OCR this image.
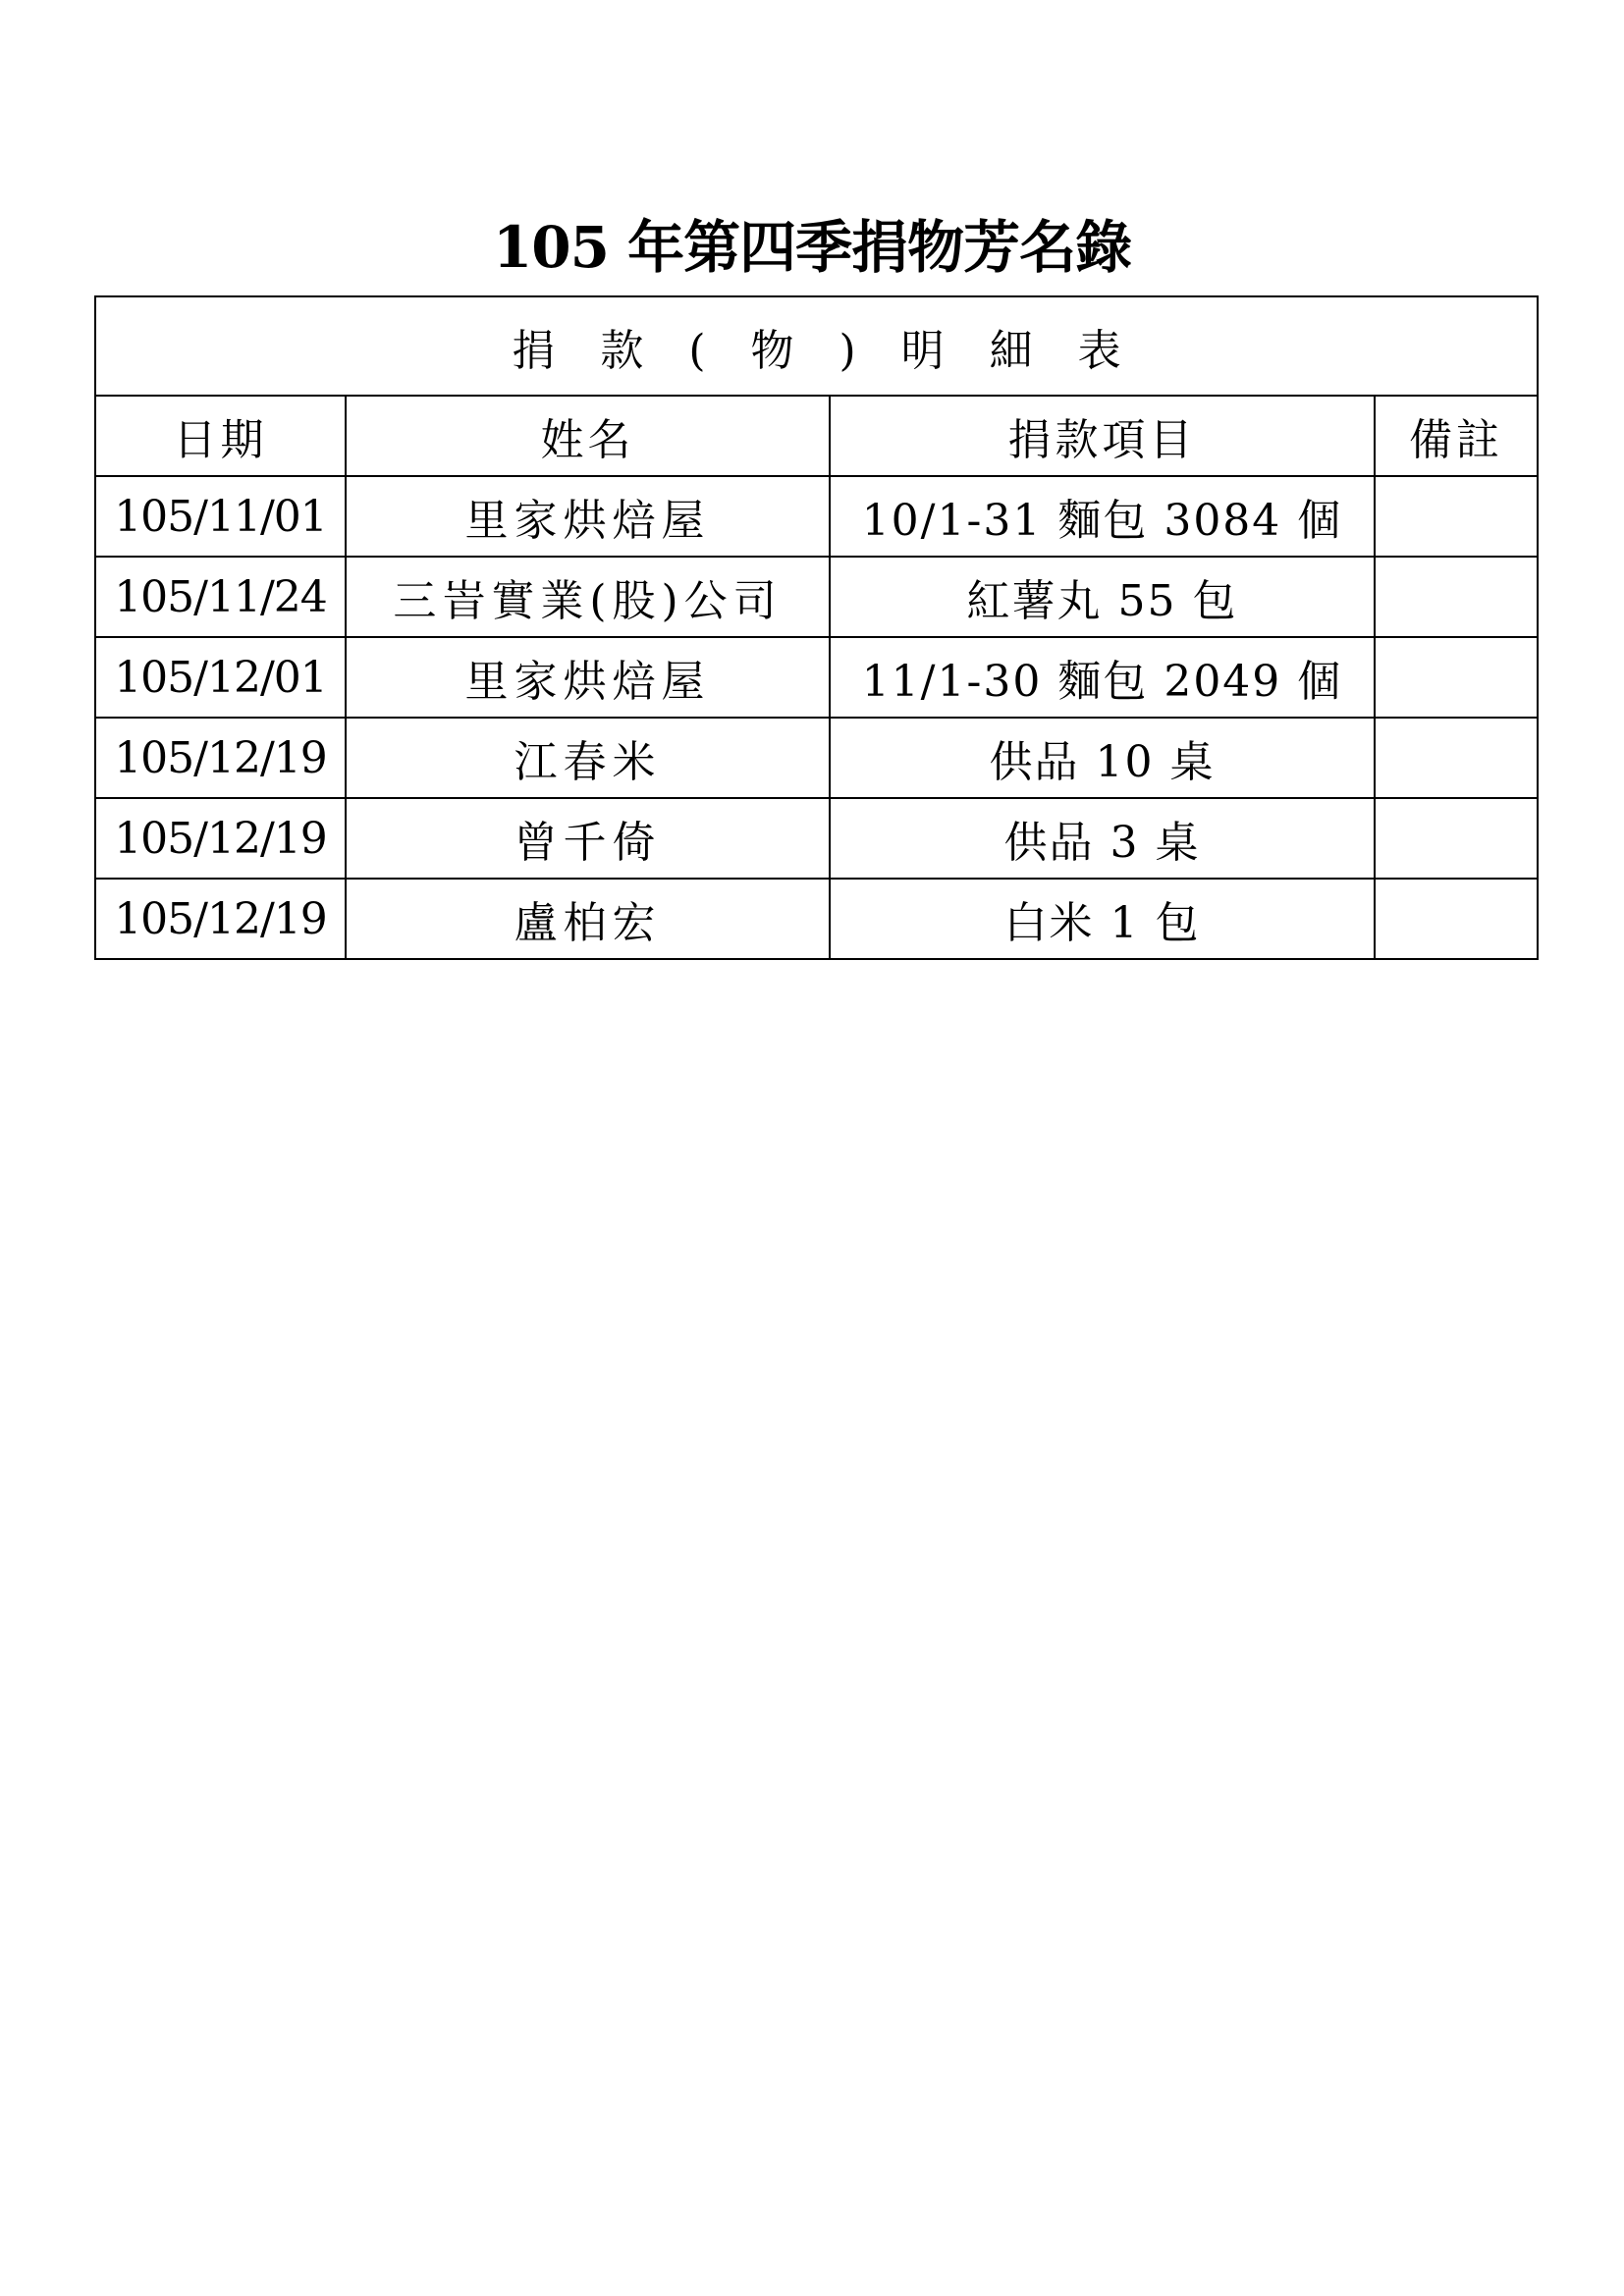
105 年第四季捐物芳名錄
捐款(物)明細表			
日期	姓名	捐款項目	備註
105/11/01	里家烘焙屋	10/1-31 麵包 3084 個	
105/11/24	三峕實業(股)公司	紅薯丸 55 包	
105/12/01	里家烘焙屋	11/1-30 麵包 2049 個	
105/12/19	江春米	供品 10 桌	
105/12/19	曾千倚	供品 3 桌	
105/12/19	盧柏宏	白米 1 包	
